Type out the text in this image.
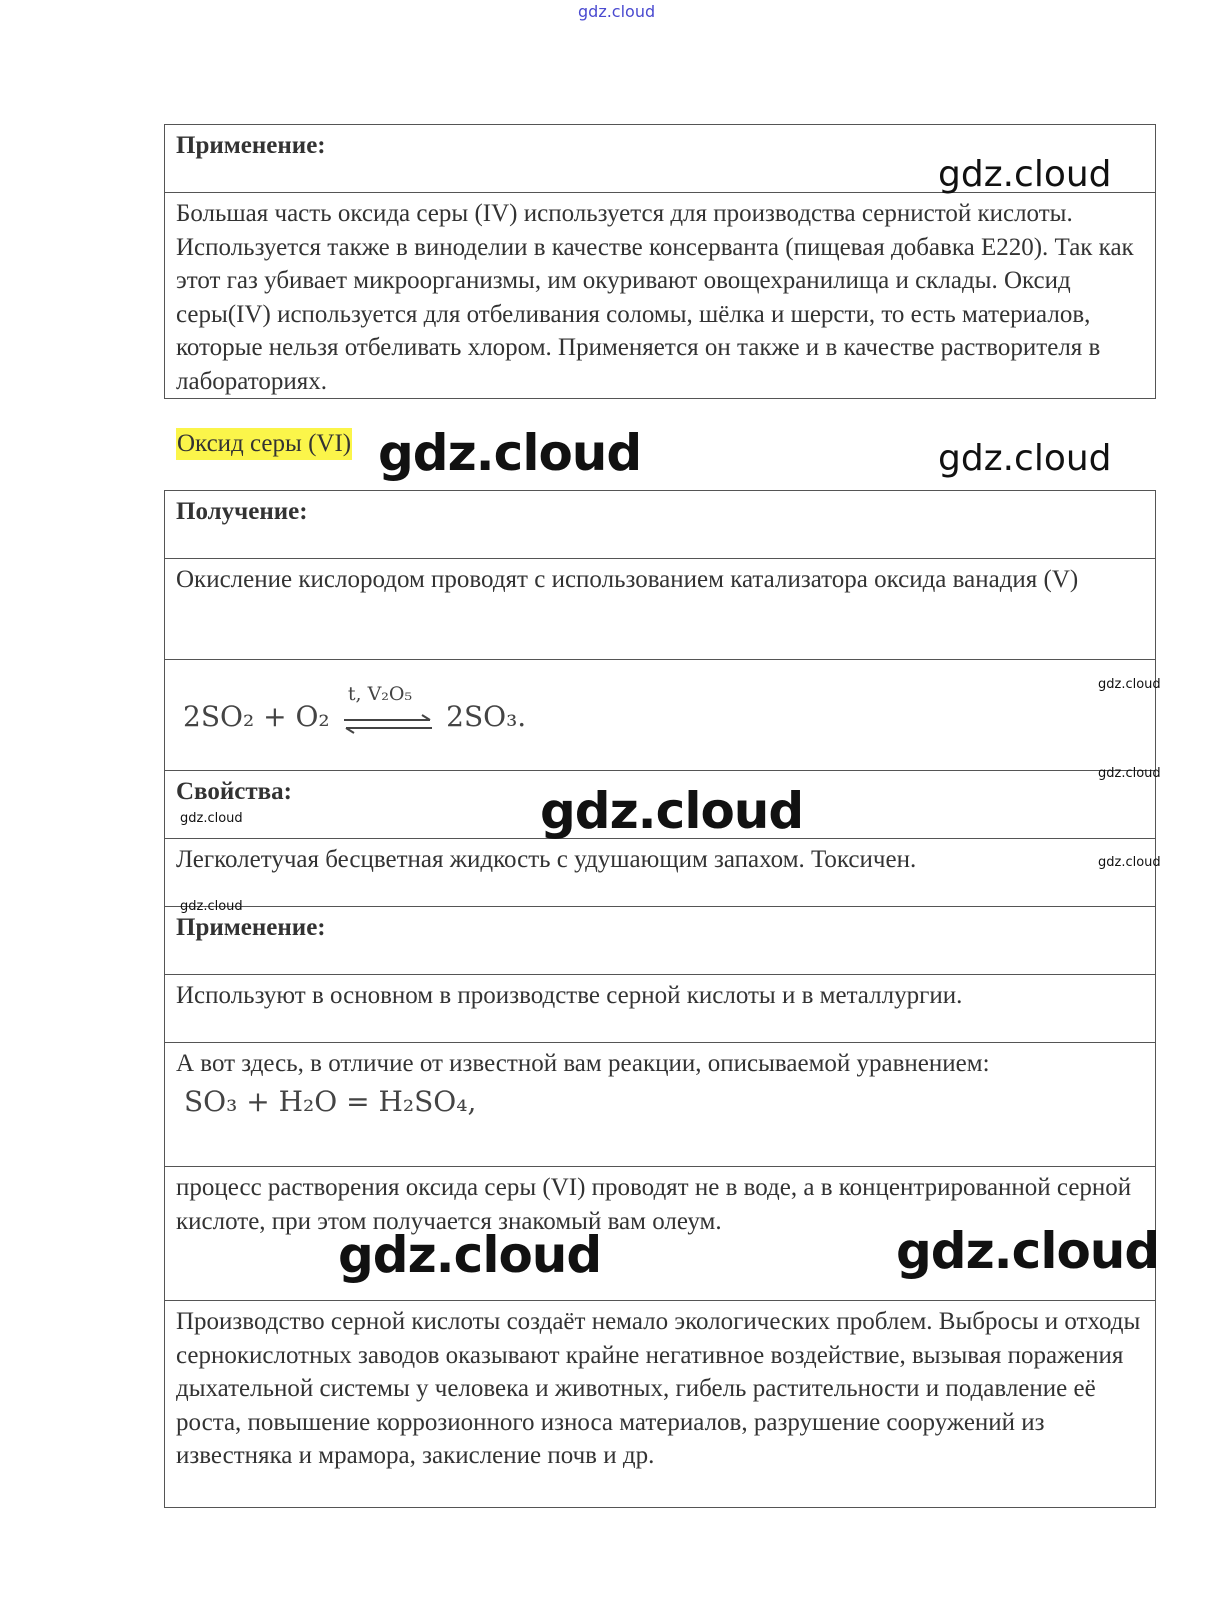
gdz.cloud
Применение:
Большая часть оксида серы (IV) используется для производства сернистой кислоты. Используется также в виноделии в качестве консерванта (пищевая добавка Е220). Так как этот газ убивает микроорганизмы, им окуривают овощехранилища и склады. Оксид серы(IV) используется для отбеливания соломы, шёлка и шерсти, то есть материалов, которые нельзя отбеливать хлором. Применяется он также и в качестве растворителя в лабораториях.
Оксид серы (VI)
Получение:
Окисление кислородом проводят с использованием катализатора оксида ванадия (V)
2SO₂ + O₂
t, V₂O₅
2SO₃.
Свойства:
Легколетучая бесцветная жидкость с удушающим запахом. Токсичен.
Применение:
Используют в основном в производстве серной кислоты и в металлургии.
А вот здесь, в отличие от известной вам реакции, описываемой уравнением:
SO₃ + H₂O = H₂SO₄,
процесс растворения оксида серы (VI) проводят не в воде, а в концентрированной серной кислоте, при этом получается знакомый вам олеум.
Производство серной кислоты создаёт немало экологических проблем. Выбросы и отходы сернокислотных заводов оказывают крайне негативное воздействие, вызывая поражения дыхательной системы у человека и животных, гибель растительности и подавление её роста, повышение коррозионного износа материалов, разрушение сооружений из известняка и мрамора, закисление почв и др.
gdz.cloud
gdz.cloud	gdz.cloud
gdz.cloud
gdz.cloud
gdz.cloud	gdz.cloud
gdz.cloud
gdz.cloud
gdz.cloud	gdz.cloud
